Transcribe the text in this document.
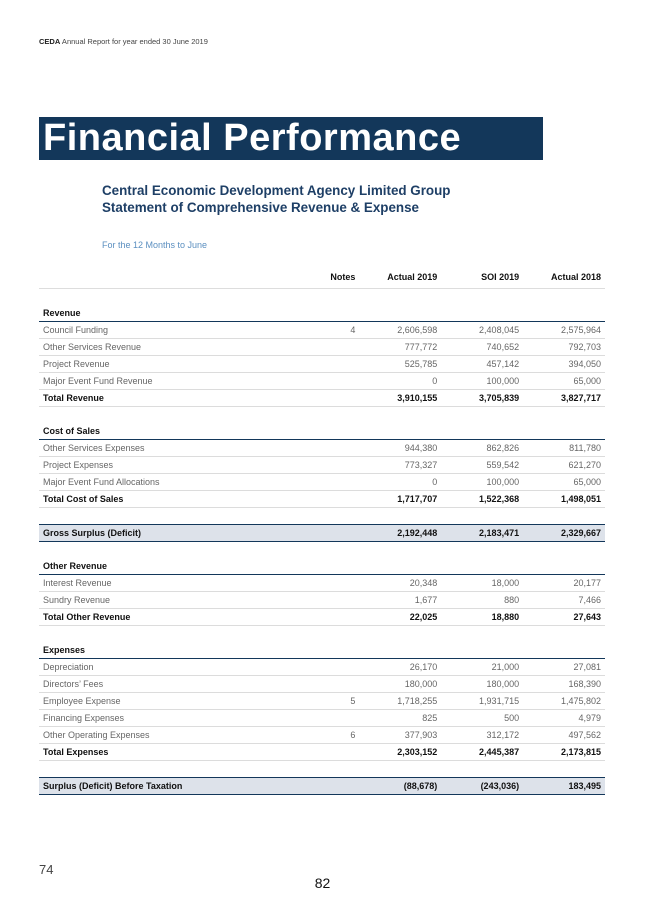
CEDA Annual Report for year ended 30 June 2019
Financial Performance
Central Economic Development Agency Limited Group
Statement of Comprehensive Revenue & Expense
For the 12 Months to June
	Notes	Actual 2019	SOI 2019	Actual 2018

Revenue				
Council Funding	4	2,606,598	2,408,045	2,575,964
Other Services Revenue		777,772	740,652	792,703
Project Revenue		525,785	457,142	394,050
Major Event Fund Revenue		0	100,000	65,000
Total Revenue		3,910,155	3,705,839	3,827,717

Cost of Sales				
Other Services Expenses		944,380	862,826	811,780
Project Expenses		773,327	559,542	621,270
Major Event Fund Allocations		0	100,000	65,000
Total Cost of Sales		1,717,707	1,522,368	1,498,051

Gross Surplus (Deficit)		2,192,448	2,183,471	2,329,667

Other Revenue				
Interest Revenue		20,348	18,000	20,177
Sundry Revenue		1,677	880	7,466
Total Other Revenue		22,025	18,880	27,643

Expenses				
Depreciation		26,170	21,000	27,081
Directors’ Fees		180,000	180,000	168,390
Employee Expense	5	1,718,255	1,931,715	1,475,802
Financing Expenses		825	500	4,979
Other Operating Expenses	6	377,903	312,172	497,562
Total Expenses		2,303,152	2,445,387	2,173,815

Surplus (Deficit) Before Taxation		(88,678)	(243,036)	183,495
74
82
